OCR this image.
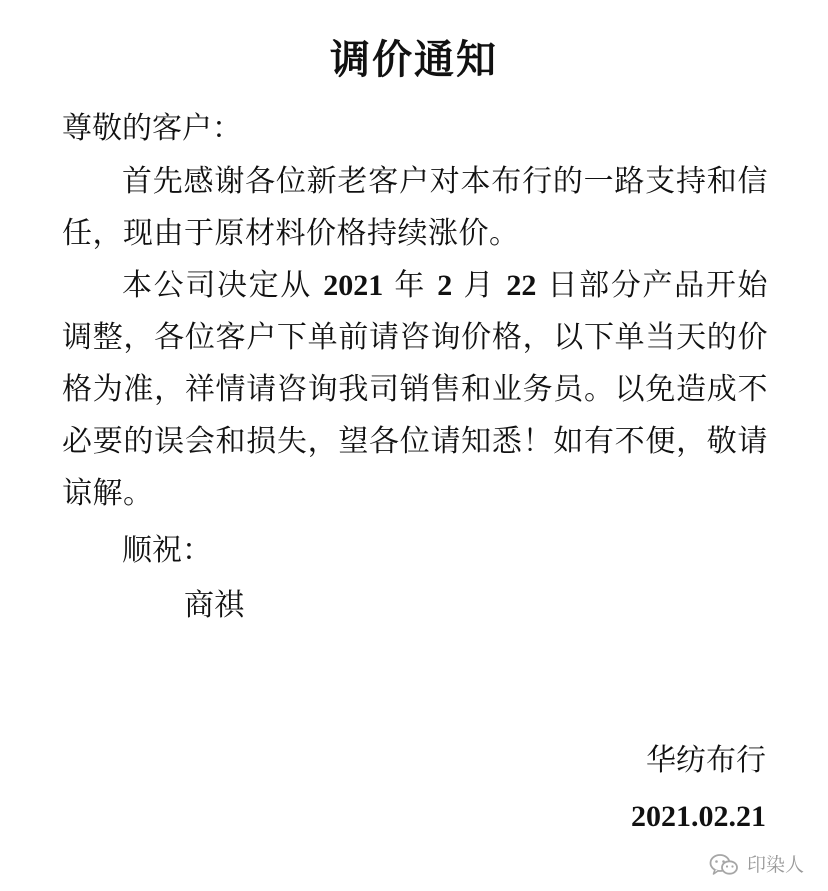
调价通知
尊敬的客户：
首先感谢各位新老客户对本布行的一路支持和信任，现由于原材料价格持续涨价。
本公司决定从 2021 年 2 月 22 日部分产品开始调整，各位客户下单前请咨询价格，以下单当天的价格为准，祥情请咨询我司销售和业务员。以免造成不必要的误会和损失，望各位请知悉！如有不便，敬请谅解。
顺祝：
商祺
华纺布行
2021.02.21
印染人
